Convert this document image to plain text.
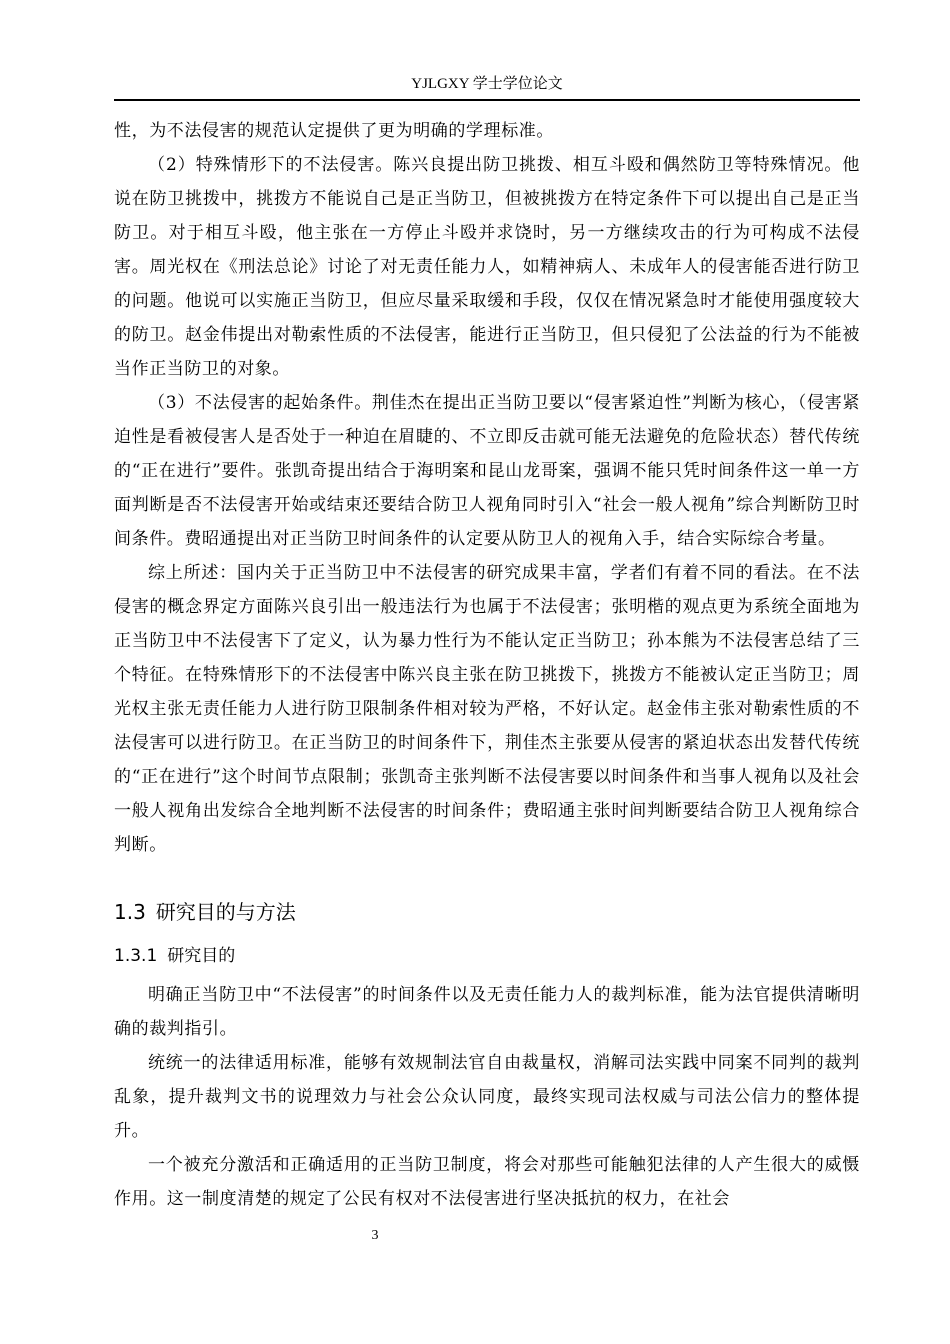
YJLGXY 学士学位论文

性，为不法侵害的规范认定提供了更为明确的学理标准。

（2）特殊情形下的不法侵害。陈兴良提出防卫挑拨、相互斗殴和偶然防卫等特殊情况。他说在防卫挑拨中，挑拨方不能说自己是正当防卫，但被挑拨方在特定条件下可以提出自己是正当防卫。对于相互斗殴，他主张在一方停止斗殴并求饶时，另一方继续攻击的行为可构成不法侵害。周光权在《刑法总论》讨论了对无责任能力人，如精神病人、未成年人的侵害能否进行防卫的问题。他说可以实施正当防卫，但应尽量采取缓和手段，仅仅在情况紧急时才能使用强度较大的防卫。赵金伟提出对勒索性质的不法侵害，能进行正当防卫，但只侵犯了公法益的行为不能被当作正当防卫的对象。

（3）不法侵害的起始条件。荆佳杰在提出正当防卫要以“侵害紧迫性”判断为核心，（侵害紧迫性是看被侵害人是否处于一种迫在眉睫的、不立即反击就可能无法避免的危险状态）替代传统的“正在进行”要件。张凯奇提出结合于海明案和昆山龙哥案，强调不能只凭时间条件这一单一方面判断是否不法侵害开始或结束还要结合防卫人视角同时引入“社会一般人视角”综合判断防卫时间条件。费昭通提出对正当防卫时间条件的认定要从防卫人的视角入手，结合实际综合考量。

综上所述：国内关于正当防卫中不法侵害的研究成果丰富，学者们有着不同的看法。在不法侵害的概念界定方面陈兴良引出一般违法行为也属于不法侵害；张明楷的观点更为系统全面地为正当防卫中不法侵害下了定义，认为暴力性行为不能认定正当防卫；孙本熊为不法侵害总结了三个特征。在特殊情形下的不法侵害中陈兴良主张在防卫挑拨下，挑拨方不能被认定正当防卫；周光权主张无责任能力人进行防卫限制条件相对较为严格，不好认定。赵金伟主张对勒索性质的不法侵害可以进行防卫。在正当防卫的时间条件下，荆佳杰主张要从侵害的紧迫状态出发替代传统的“正在进行”这个时间节点限制；张凯奇主张判断不法侵害要以时间条件和当事人视角以及社会一般人视角出发综合全地判断不法侵害的时间条件；费昭通主张时间判断要结合防卫人视角综合判断。

1.3 研究目的与方法
1.3.1 研究目的

明确正当防卫中“不法侵害”的时间条件以及无责任能力人的裁判标准，能为法官提供清晰明确的裁判指引。

统统一的法律适用标准，能够有效规制法官自由裁量权，消解司法实践中同案不同判的裁判乱象，提升裁判文书的说理效力与社会公众认同度，最终实现司法权威与司法公信力的整体提升。

一个被充分激活和正确适用的正当防卫制度，将会对那些可能触犯法律的人产生很大的威慑作用。这一制度清楚的规定了公民有权对不法侵害进行坚决抵抗的权力，在社会

3
